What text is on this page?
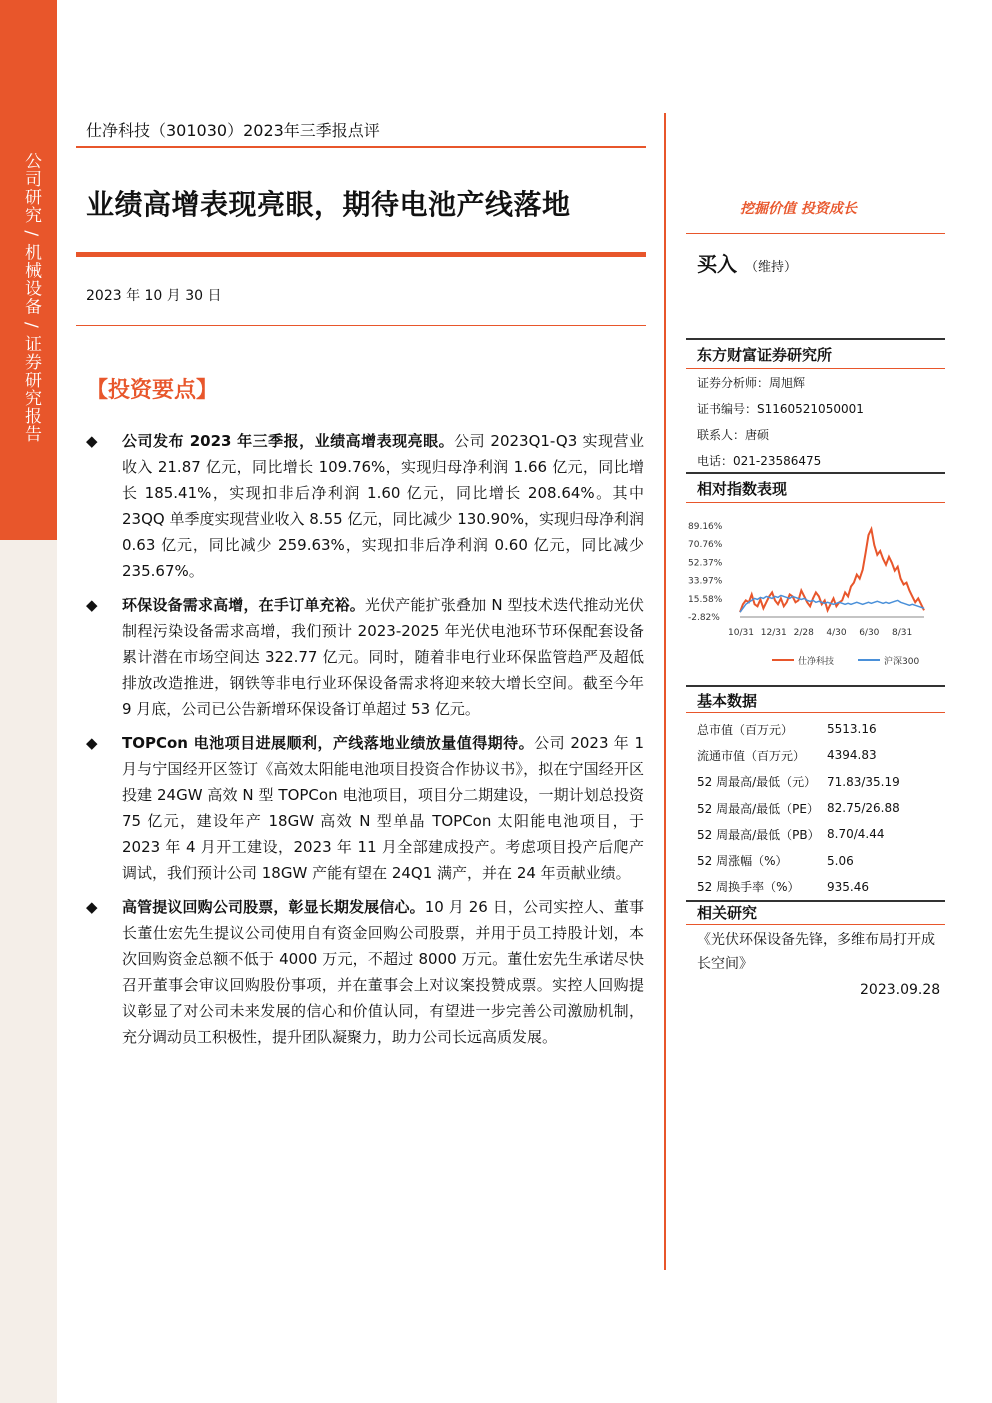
公司研究 / 机械设备 / 证券研究报告
仕净科技（301030）2023年三季报点评
业绩高增表现亮眼，期待电池产线落地
2023 年 10 月 30 日
【投资要点】
◆ 公司发布 2023 年三季报，业绩高增表现亮眼。公司 2023Q1-Q3 实现营业收入 21.87 亿元，同比增长 109.76%，实现归母净利润 1.66 亿元，同比增长 185.41%，实现扣非后净利润 1.60 亿元，同比增长 208.64%。其中 23QQ 单季度实现营业收入 8.55 亿元，同比减少 130.90%，实现归母净利润 0.63 亿元，同比减少 259.63%，实现扣非后净利润 0.60 亿元，同比减少 235.67%。
◆ 环保设备需求高增，在手订单充裕。光伏产能扩张叠加 N 型技术迭代推动光伏制程污染设备需求高增，我们预计 2023-2025 年光伏电池环节环保配套设备累计潜在市场空间达 322.77 亿元。同时，随着非电行业环保监管趋严及超低排放改造推进，钢铁等非电行业环保设备需求将迎来较大增长空间。截至今年 9 月底，公司已公告新增环保设备订单超过 53 亿元。
◆ TOPCon 电池项目进展顺利，产线落地业绩放量值得期待。公司 2023 年 1 月与宁国经开区签订《高效太阳能电池项目投资合作协议书》，拟在宁国经开区投建 24GW 高效 N 型 TOPCon 电池项目，项目分二期建设，一期计划总投资 75 亿元，建设年产 18GW 高效 N 型单晶 TOPCon 太阳能电池项目，于 2023 年 4 月开工建设，2023 年 11 月全部建成投产。考虑项目投产后爬产调试，我们预计公司 18GW 产能有望在 24Q1 满产，并在 24 年贡献业绩。
◆ 高管提议回购公司股票，彰显长期发展信心。10 月 26 日，公司实控人、董事长董仕宏先生提议公司使用自有资金回购公司股票，并用于员工持股计划，本次回购资金总额不低于 4000 万元，不超过 8000 万元。董仕宏先生承诺尽快召开董事会审议回购股份事项，并在董事会上对议案投赞成票。实控人回购提议彰显了对公司未来发展的信心和价值认同，有望进一步完善公司激励机制，充分调动员工积极性，提升团队凝聚力，助力公司长远高质发展。
挖掘价值 投资成长
买入 （维持）
东方财富证券研究所
证券分析师：周旭辉
证书编号：S1160521050001
联系人：唐硕
电话：021-23586475
相对指数表现
89.16%
70.76%
52.37%
33.97%
15.58%
-2.82%
10/31 12/31 2/28 4/30 6/30 8/31
仕净科技	沪深300
基本数据
总市值（百万元）	5513.16
流通市值（百万元）	4394.83
52 周最高/最低（元）	71.83/35.19
52 周最高/最低（PE）	82.75/26.88
52 周最高/最低（PB）	8.70/4.44
52 周涨幅（%）	5.06
52 周换手率（%）	935.46
相关研究
《光伏环保设备先锋，多维布局打开成长空间》
2023.09.28
